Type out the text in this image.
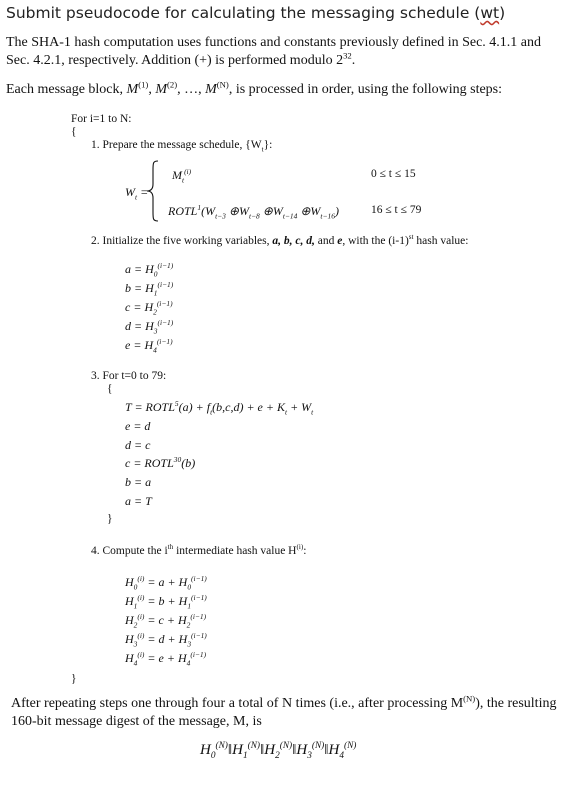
Submit pseudocode for calculating the messaging schedule (wt)
The SHA-1 hash computation uses functions and constants previously defined in Sec. 4.1.1 and
Sec. 4.2.1, respectively. Addition (+) is performed modulo $2^{32}$.
Each message block, $M^{(1)}$, $M^{(2)}$, …, $M^{(N)}$, is processed in order, using the following steps:
For i=1 to N:
{
1. Prepare the message schedule, $\{W_t\}$:
$W_t$ =
$M_t^{(i)}$	0 ≤ t ≤ 15
$ROTL^1(W_{t-3}$ $\oplus W_{t-8}$ $\oplus W_{t-14}$ $\oplus W_{t-16}$)	16 ≤ t ≤ 79
2. Initialize the five working variables, a, b, c, d, and e, with the $(i-1)^{st}$ hash value:
$a = H_0^{(i-1)}$
$b = H_1^{(i-1)}$
$c = H_2^{(i-1)}$
$d = H_3^{(i-1)}$
$e = H_4^{(i-1)}$
3. For t=0 to 79:
{
$T = ROTL^5(a) + f_t(b,c,d) + e + K_t + W_t$
e = d
d = c
$c = ROTL^{30}(b)$
b = a
a = T
}
4. Compute the $i^{th}$ intermediate hash value $H^{(i)}$:
$H_0^{(i)} = a + H_0^{(i-1)}$
$H_1^{(i)} = b + H_1^{(i-1)}$
$H_2^{(i)} = c + H_2^{(i-1)}$
$H_3^{(i)} = d + H_3^{(i-1)}$
$H_4^{(i)} = e + H_4^{(i-1)}$
}
After repeating steps one through four a total of N times (i.e., after processing $M^{(N)}$), the resulting
160-bit message digest of the message, M, is
$H_0^{(N)}‖H_1^{(N)}‖H_2^{(N)}‖H_3^{(N)}‖H_4^{(N)}$
